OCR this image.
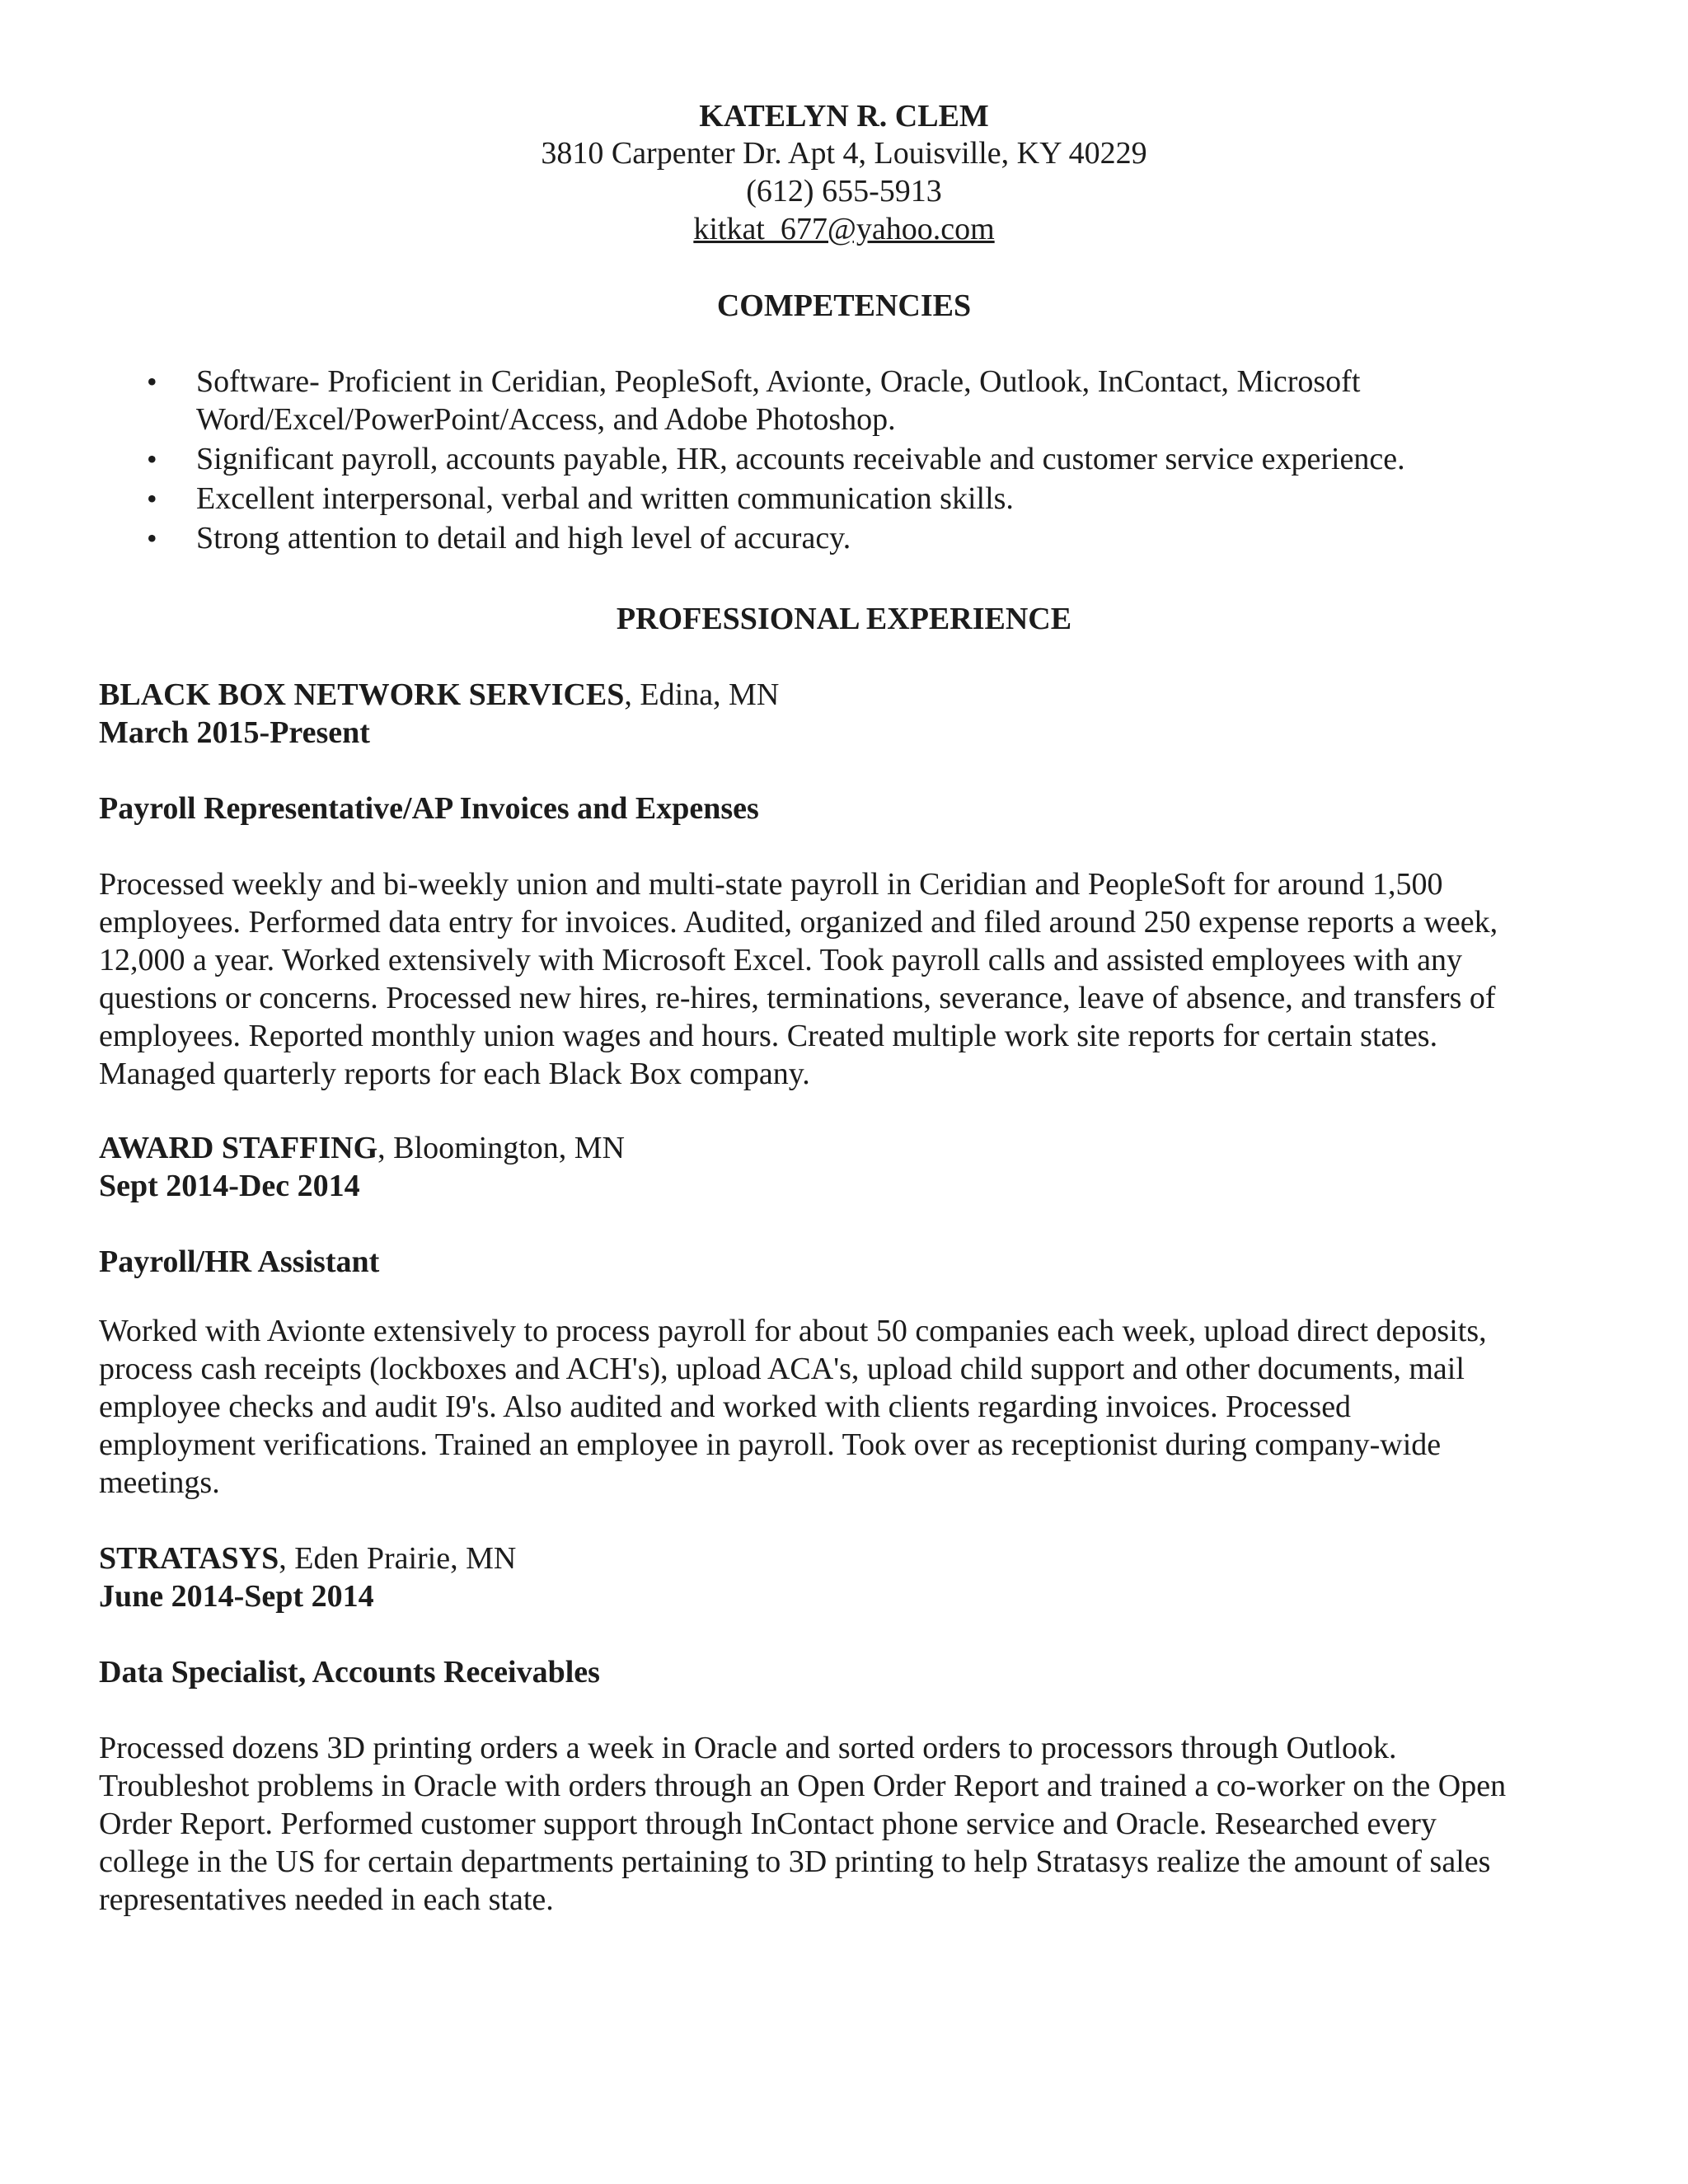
KATELYN R. CLEM
3810 Carpenter Dr. Apt 4, Louisville, KY 40229
(612) 655-5913
kitkat_677@yahoo.com
COMPETENCIES
• Software- Proficient in Ceridian, PeopleSoft, Avionte, Oracle, Outlook, InContact, Microsoft Word/Excel/PowerPoint/Access, and Adobe Photoshop.
• Significant payroll, accounts payable, HR, accounts receivable and customer service experience.
• Excellent interpersonal, verbal and written communication skills.
• Strong attention to detail and high level of accuracy.
PROFESSIONAL EXPERIENCE
BLACK BOX NETWORK SERVICES, Edina, MN
March 2015-Present
Payroll Representative/AP Invoices and Expenses
Processed weekly and bi-weekly union and multi-state payroll in Ceridian and PeopleSoft for around 1,500
employees. Performed data entry for invoices. Audited, organized and filed around 250 expense reports a week,
12,000 a year. Worked extensively with Microsoft Excel. Took payroll calls and assisted employees with any
questions or concerns. Processed new hires, re-hires, terminations, severance, leave of absence, and transfers of
employees. Reported monthly union wages and hours. Created multiple work site reports for certain states.
Managed quarterly reports for each Black Box company.
AWARD STAFFING, Bloomington, MN
Sept 2014-Dec 2014
Payroll/HR Assistant
Worked with Avionte extensively to process payroll for about 50 companies each week, upload direct deposits,
process cash receipts (lockboxes and ACH's), upload ACA's, upload child support and other documents, mail
employee checks and audit I9's. Also audited and worked with clients regarding invoices. Processed
employment verifications. Trained an employee in payroll. Took over as receptionist during company-wide
meetings.
STRATASYS, Eden Prairie, MN
June 2014-Sept 2014
Data Specialist, Accounts Receivables
Processed dozens 3D printing orders a week in Oracle and sorted orders to processors through Outlook.
Troubleshot problems in Oracle with orders through an Open Order Report and trained a co-worker on the Open
Order Report. Performed customer support through InContact phone service and Oracle. Researched every
college in the US for certain departments pertaining to 3D printing to help Stratasys realize the amount of sales
representatives needed in each state.
